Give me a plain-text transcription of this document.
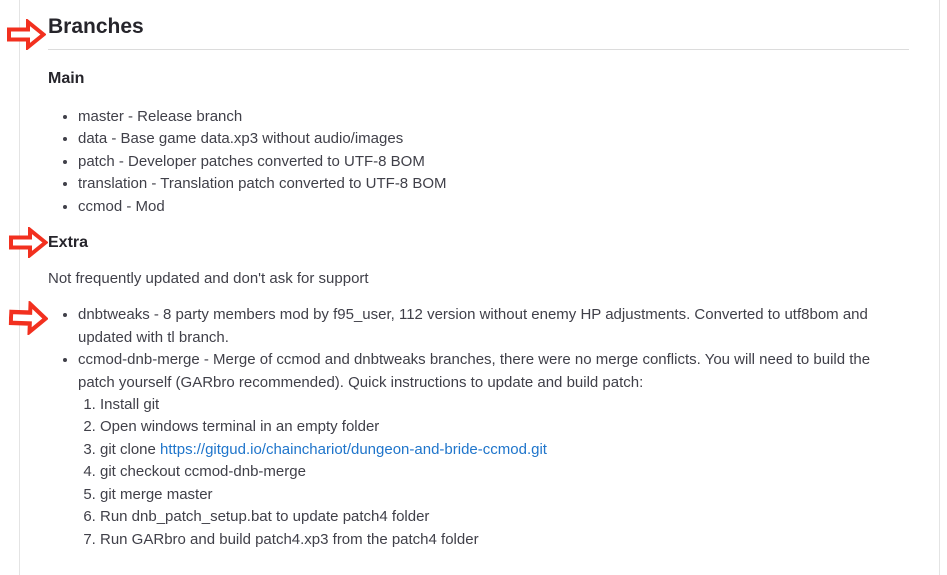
Branches
Main
• master - Release branch
• data - Base game data.xp3 without audio/images
• patch - Developer patches converted to UTF-8 BOM
• translation - Translation patch converted to UTF-8 BOM
• ccmod - Mod
Extra

Not frequently updated and don't ask for support

• dnbtweaks - 8 party members mod by f95_user, 112 version without enemy HP adjustments. Converted to utf8bom and updated with tl branch.
• ccmod-dnb-merge - Merge of ccmod and dnbtweaks branches, there were no merge conflicts. You will need to build the patch yourself (GARbro recommended). Quick instructions to update and build patch:
1. Install git
2. Open windows terminal in an empty folder
3. git clone https://gitgud.io/chainchariot/dungeon-and-bride-ccmod.git
4. git checkout ccmod-dnb-merge
5. git merge master
6. Run dnb_patch_setup.bat to update patch4 folder
7. Run GARbro and build patch4.xp3 from the patch4 folder
